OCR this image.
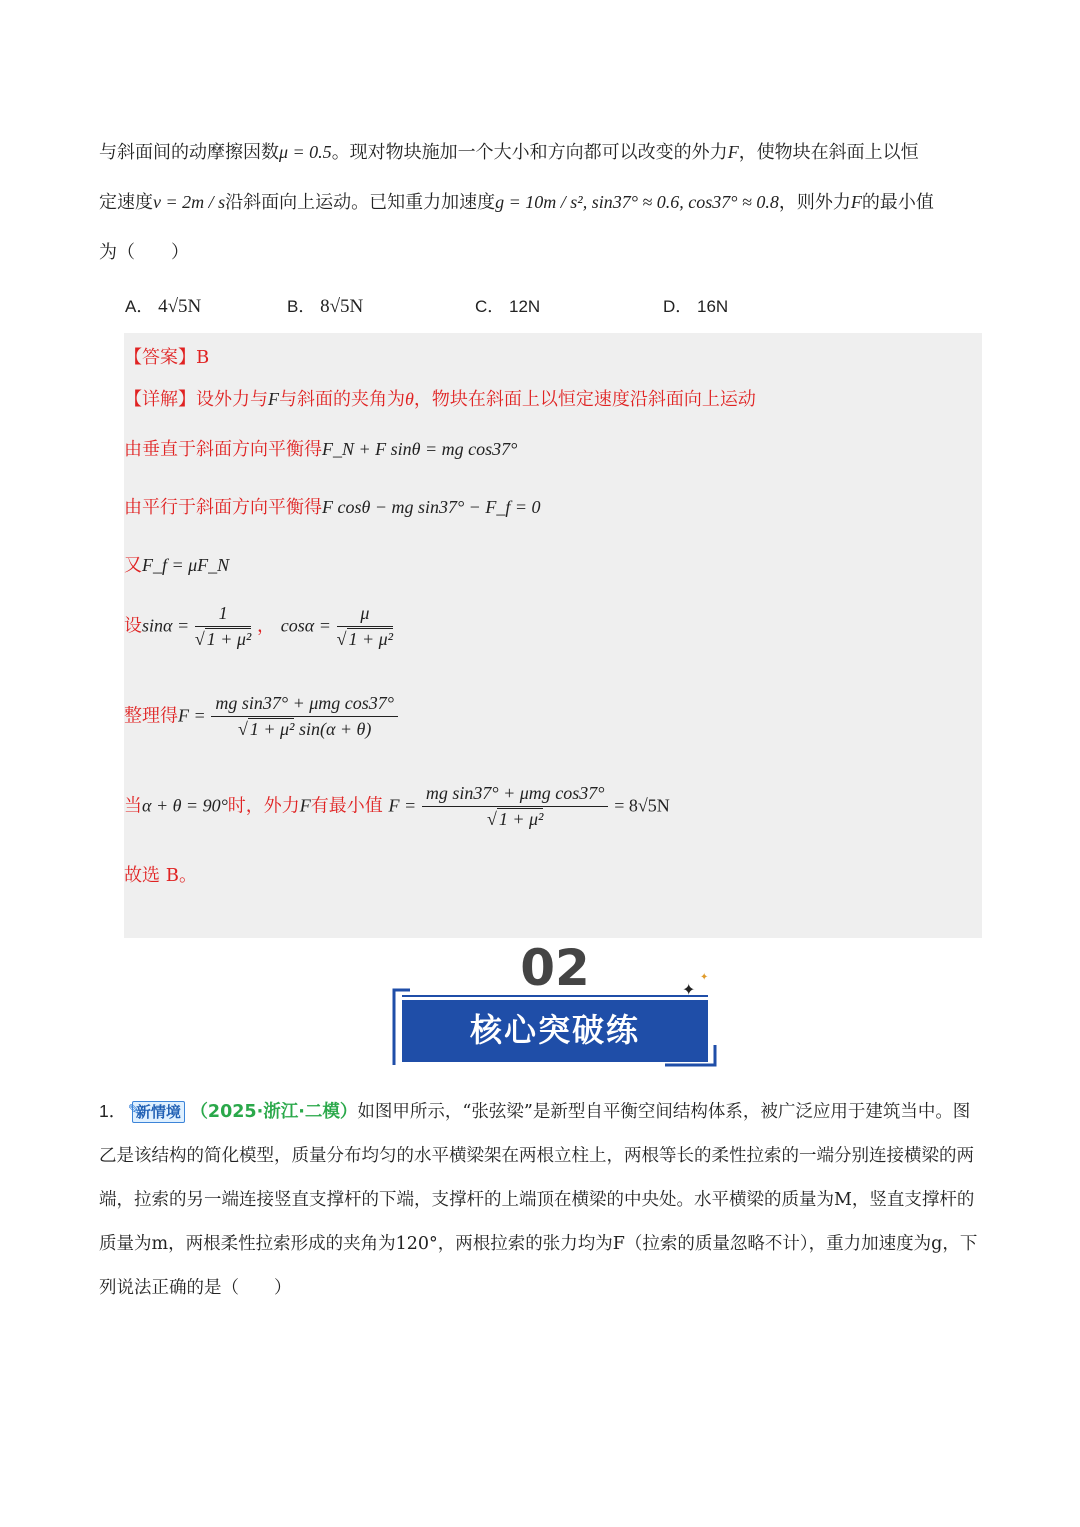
与斜面间的动摩擦因数μ = 0.5。现对物块施加一个大小和方向都可以改变的外力F，使物块在斜面上以恒
定速度v = 2m / s沿斜面向上运动。已知重力加速度g = 10m / s², sin37° ≈ 0.6, cos37° ≈ 0.8，则外力F的最小值
为（　　）
A． 4√5N	B． 8√5N	C． 12N	D． 16N
【答案】B
【详解】设外力与F与斜面的夹角为θ，物块在斜面上以恒定速度沿斜面向上运动
由垂直于斜面方向平衡得F_N + F sinθ = mg cos37°
由平行于斜面方向平衡得F cosθ − mg sin37° − F_f = 0
又F_f = μF_N
设$\sin\alpha = \frac{1}{\text{√ 1 + μ²}}$ ， $\cos\alpha = \frac{\mu}{\text{√ 1 + μ²}}$
整理得F =
mg sin37° + μmg cos37°
√ 1 + μ² sin(α + θ)
当α + θ = 90°时，外力F有最小值 F =
mg sin37° + μmg cos37°
√ 1 + μ²
= 8√5N
故选 B。
02	✦
✦
核心突破练
1． ✎
新情境 （2025·浙江·二模）如图甲所示，“张弦梁”是新型自平衡空间结构体系，被广泛应用于建筑当中。图乙是该结构的简化模型，质量分布均匀的水平横梁架在两根立柱上，两根等长的柔性拉索的一端分别连接横梁的两端，拉索的另一端连接竖直支撑杆的下端，支撑杆的上端顶在横梁的中央处。水平横梁的质量为M，竖直支撑杆的质量为m，两根柔性拉索形成的夹角为120°，两根拉索的张力均为F（拉索的质量忽略不计），重力加速度为g，下列说法正确的是（　　）
